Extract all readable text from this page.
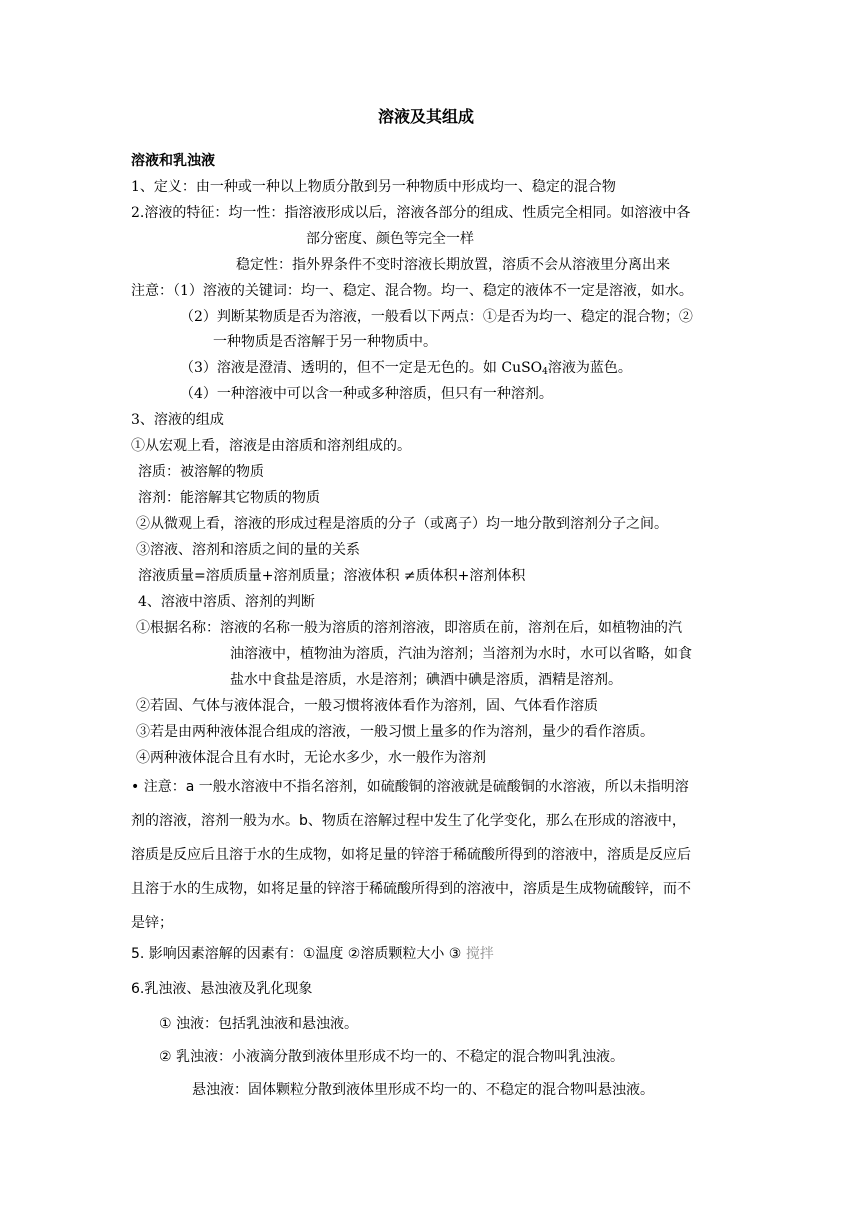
溶液及其组成
溶液和乳浊液
1、定义：由一种或一种以上物质分散到另一种物质中形成均一、稳定的混合物
2.溶液的特征：均一性：指溶液形成以后，溶液各部分的组成、性质完全相同。如溶液中各
部分密度、颜色等完全一样
稳定性：指外界条件不变时溶液长期放置，溶质不会从溶液里分离出来
注意：（1）溶液的关键词：均一、稳定、混合物。均一、稳定的液体不一定是溶液，如水。
（2）判断某物质是否为溶液，一般看以下两点：①是否为均一、稳定的混合物；②
一种物质是否溶解于另一种物质中。
（3）溶液是澄清、透明的，但不一定是无色的。如 CuSO$_4$溶液为蓝色。
（4）一种溶液中可以含一种或多种溶质，但只有一种溶剂。
3、溶液的组成
①从宏观上看，溶液是由溶质和溶剂组成的。
溶质：被溶解的物质
溶剂：能溶解其它物质的物质
②从微观上看，溶液的形成过程是溶质的分子（或离子）均一地分散到溶剂分子之间。
③溶液、溶剂和溶质之间的量的关系
溶液质量=溶质质量+溶剂质量；溶液体积 ≠质体积+溶剂体积
4、溶液中溶质、溶剂的判断
①根据名称：溶液的名称一般为溶质的溶剂溶液，即溶质在前，溶剂在后，如植物油的汽
油溶液中，植物油为溶质，汽油为溶剂；当溶剂为水时，水可以省略，如食
盐水中食盐是溶质，水是溶剂；碘酒中碘是溶质，酒精是溶剂。
②若固、气体与液体混合，一般习惯将液体看作为溶剂，固、气体看作溶质
③若是由两种液体混合组成的溶液，一般习惯上量多的作为溶剂，量少的看作溶质。
④两种液体混合且有水时，无论水多少，水一般作为溶剂
• 注意：a 一般水溶液中不指名溶剂，如硫酸铜的溶液就是硫酸铜的水溶液，所以未指明溶
剂的溶液，溶剂一般为水。b、物质在溶解过程中发生了化学变化，那么在形成的溶液中，
溶质是反应后且溶于水的生成物，如将足量的锌溶于稀硫酸所得到的溶液中，溶质是反应后
且溶于水的生成物，如将足量的锌溶于稀硫酸所得到的溶液中，溶质是生成物硫酸锌，而不
是锌；
5. 影响因素溶解的因素有：①温度 ②溶质颗粒大小 ③ 搅拌
6.乳浊液、悬浊液及乳化现象
① 浊液：包括乳浊液和悬浊液。
② 乳浊液：小液滴分散到液体里形成不均一的、不稳定的混合物叫乳浊液。
悬浊液：固体颗粒分散到液体里形成不均一的、不稳定的混合物叫悬浊液。
